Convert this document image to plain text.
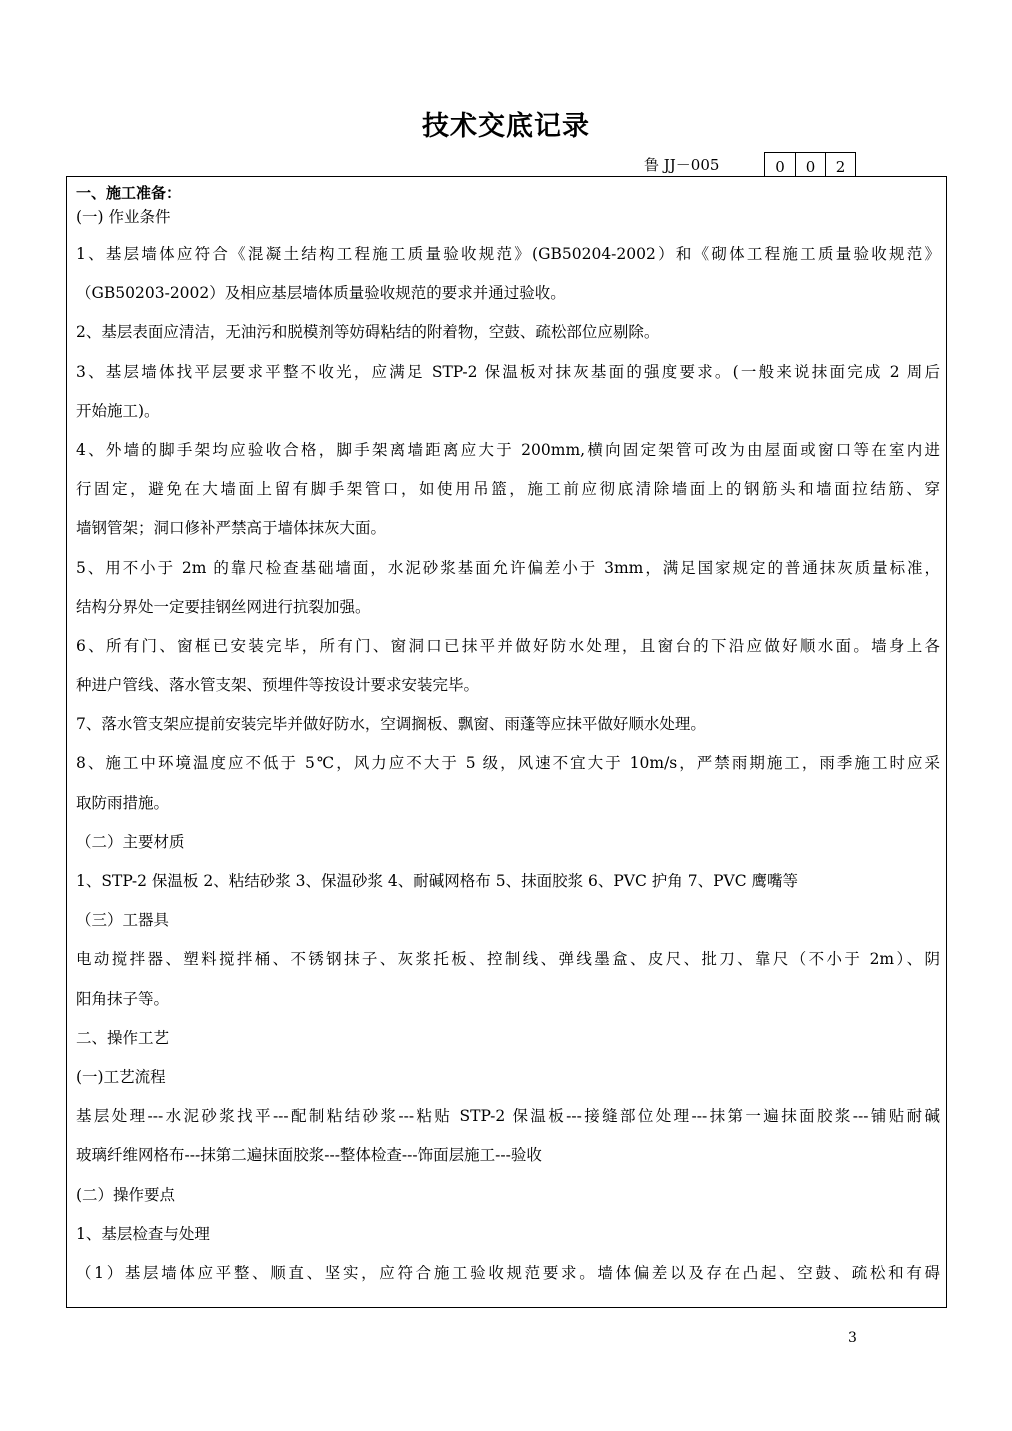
技术交底记录
鲁 JJ－005	0	0	2
一、施工准备：
(一) 作业条件
1、基层墙体应符合《混凝土结构工程施工质量验收规范》(GB50204-2002）和《砌体工程施工质量验收规范》
（GB50203-2002）及相应基层墙体质量验收规范的要求并通过验收。
2、基层表面应清洁，无油污和脱模剂等妨碍粘结的附着物，空鼓、疏松部位应剔除。
3、基层墙体找平层要求平整不收光，应满足 STP-2 保温板对抹灰基面的强度要求。(一般来说抹面完成 2 周后
开始施工)。
4、外墙的脚手架均应验收合格，脚手架离墙距离应大于 200mm,横向固定架管可改为由屋面或窗口等在室内进
行固定，避免在大墙面上留有脚手架管口，如使用吊篮，施工前应彻底清除墙面上的钢筋头和墙面拉结筋、穿
墙钢管架；洞口修补严禁高于墙体抹灰大面。
5、用不小于 2m 的靠尺检查基础墙面，水泥砂浆基面允许偏差小于 3mm，满足国家规定的普通抹灰质量标准，
结构分界处一定要挂钢丝网进行抗裂加强。
6、所有门、窗框已安装完毕，所有门、窗洞口已抹平并做好防水处理，且窗台的下沿应做好顺水面。墙身上各
种进户管线、落水管支架、预埋件等按设计要求安装完毕。
7、落水管支架应提前安装完毕并做好防水，空调搁板、飘窗、雨蓬等应抹平做好顺水处理。
8、施工中环境温度应不低于 5℃，风力应不大于 5 级，风速不宜大于 10m/s，严禁雨期施工，雨季施工时应采
取防雨措施。
（二）主要材质
1、STP-2 保温板 2、粘结砂浆 3、保温砂浆 4、耐碱网格布 5、抹面胶浆 6、PVC 护角 7、PVC 鹰嘴等
（三）工器具
电动搅拌器、塑料搅拌桶、不锈钢抹子、灰浆托板、控制线、弹线墨盒、皮尺、批刀、靠尺（不小于 2m）、阴
阳角抹子等。
二、操作工艺
(一)工艺流程
基层处理---水泥砂浆找平---配制粘结砂浆---粘贴 STP-2 保温板---接缝部位处理---抹第一遍抹面胶浆---铺贴耐碱
玻璃纤维网格布---抹第二遍抹面胶浆---整体检查---饰面层施工---验收
(二）操作要点
1、基层检查与处理
（1）基层墙体应平整、顺直、坚实，应符合施工验收规范要求。墙体偏差以及存在凸起、空鼓、疏松和有碍
3
